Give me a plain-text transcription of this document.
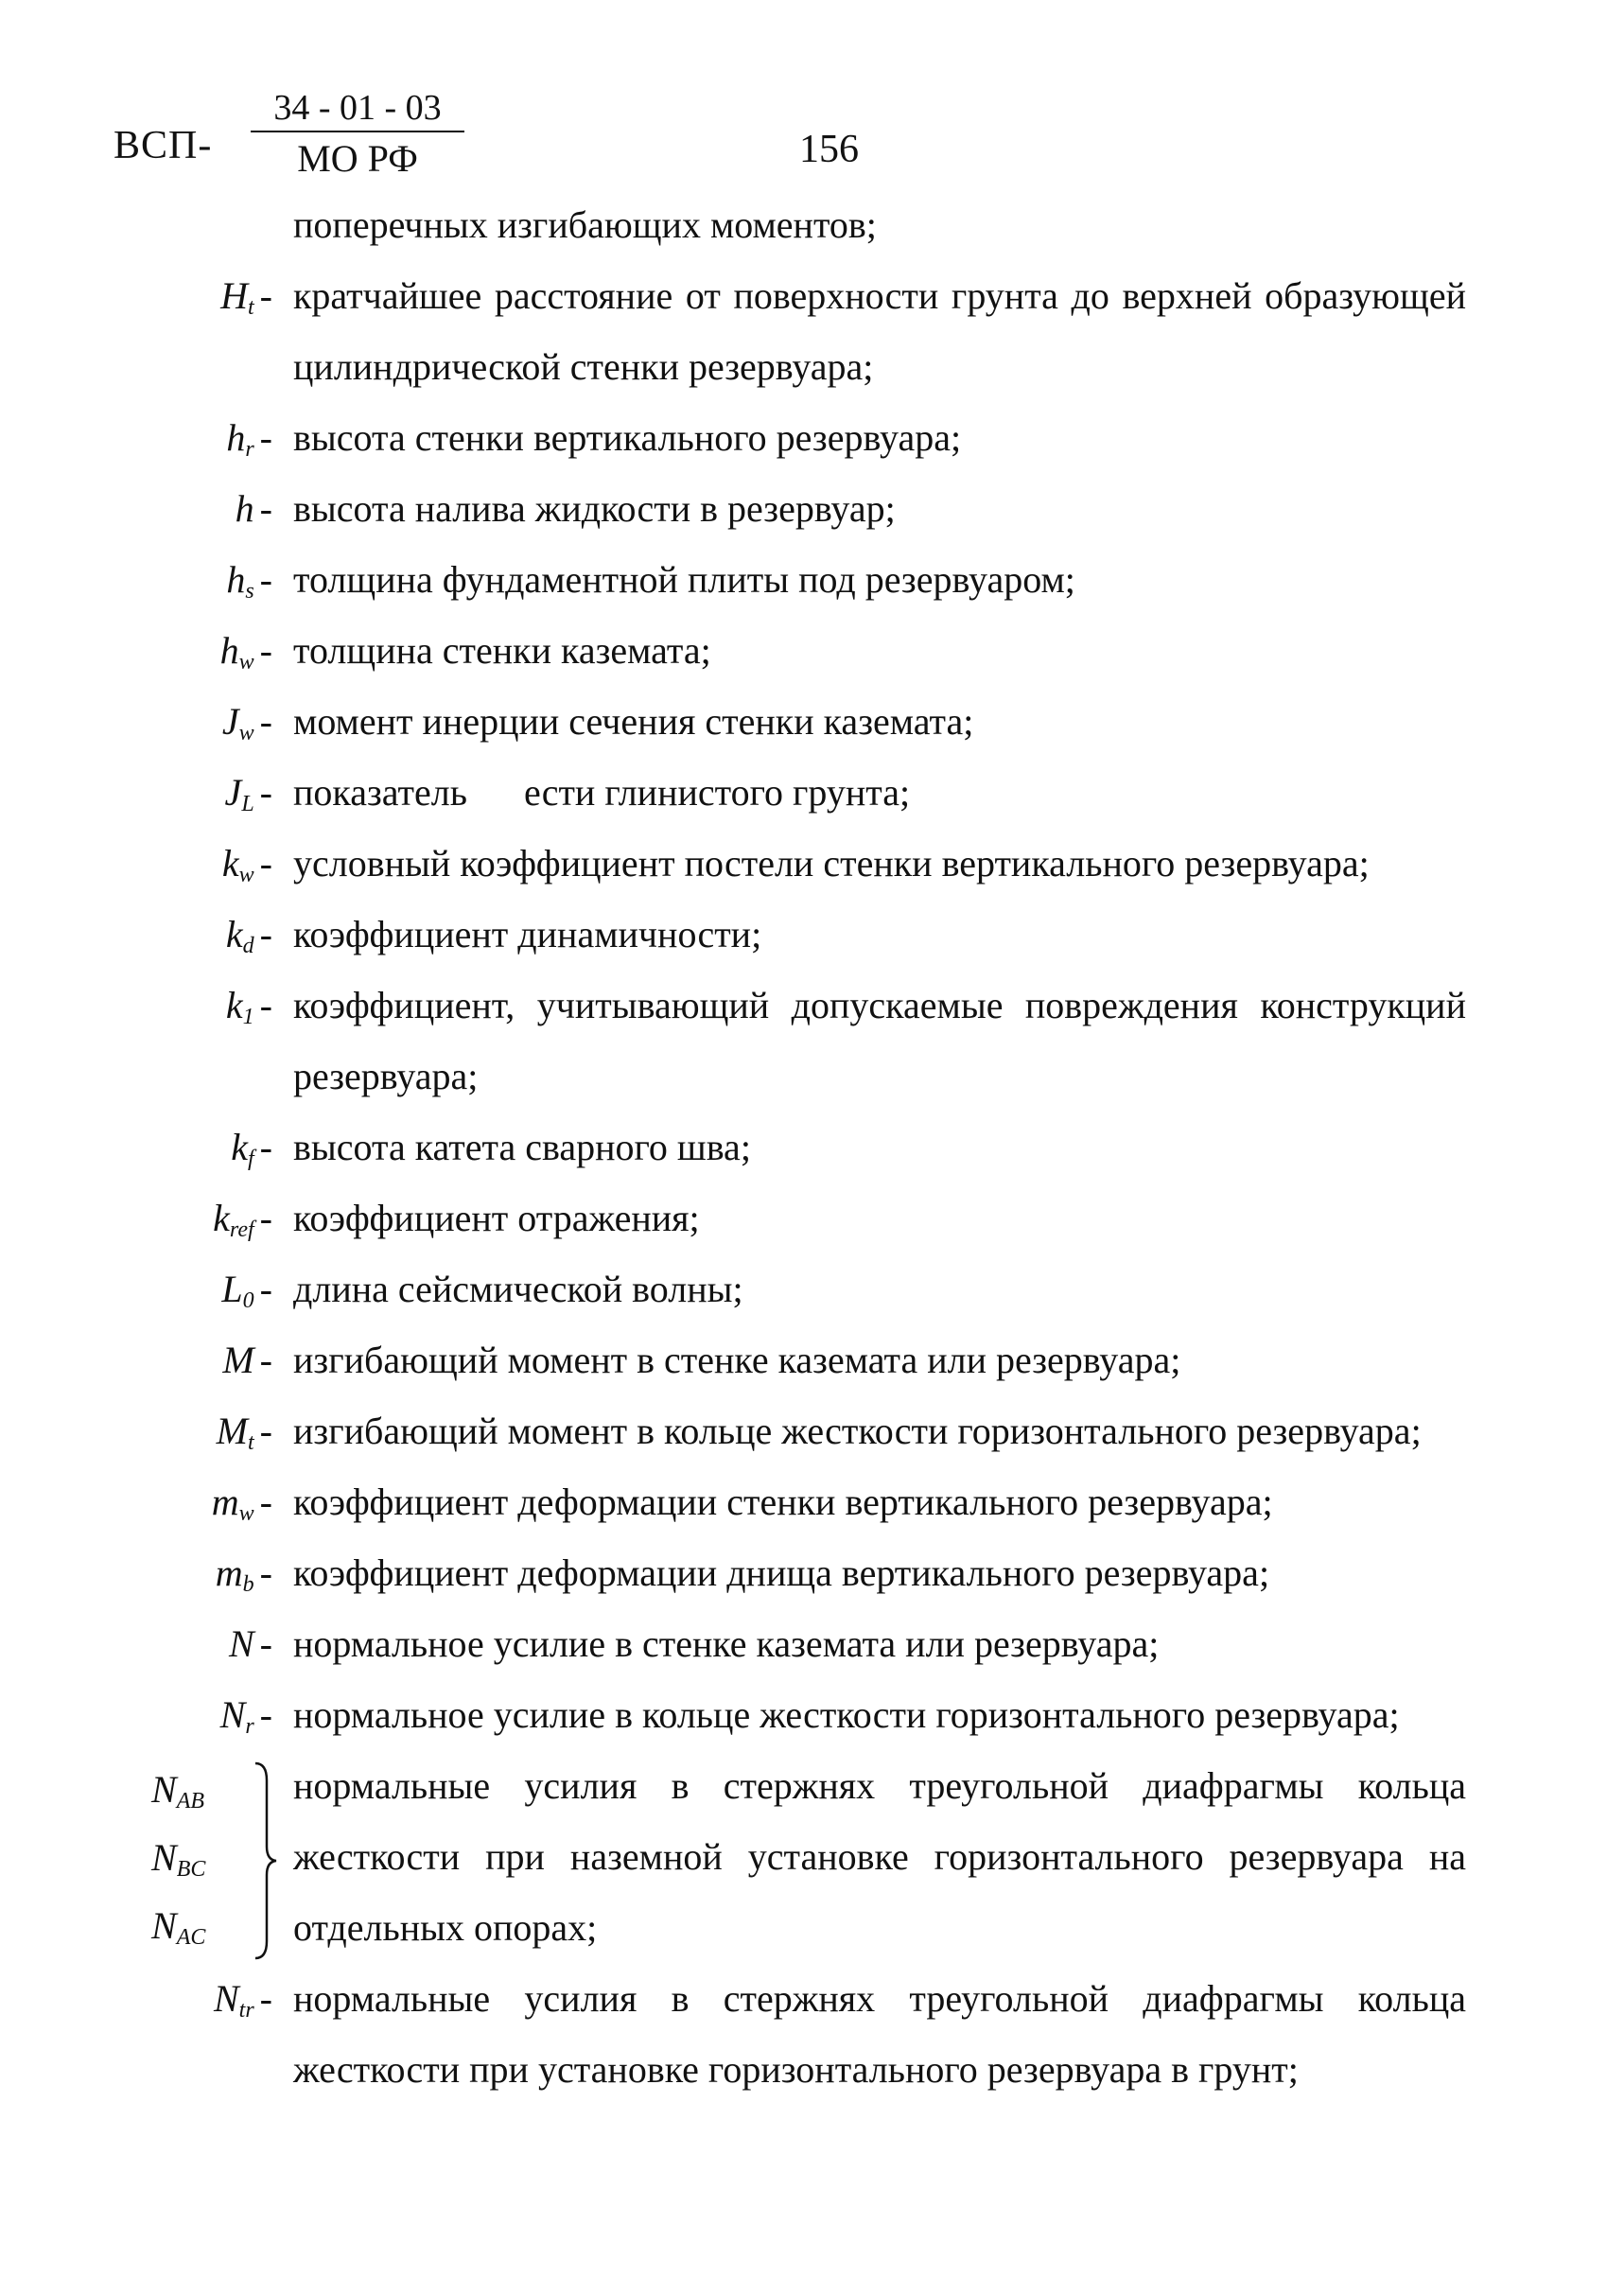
ВСП-
34 - 01 - 03
МО РФ	156
поперечных изгибающих моментов;
$H_t$ - кратчайшее расстояние от поверхности грунта до верхней образующей цилиндрической стенки резервуара;
$h_r$ - высота стенки вертикального резервуара;
h - высота налива жидкости в резервуар;
$h_s$ - толщина фундаментной плиты под резервуаром;
$h_w$ - толщина стенки каземата;
$J_w$ - момент инерции сечения стенки каземата;
$J_L$ - показатель      ести глинистого грунта;
$k_w$ - условный коэффициент постели стенки вертикального резервуара;
$k_d$ - коэффициент динамичности;
$k_1$ - коэффициент, учитывающий допускаемые повреждения конструкций резервуара;
$k_f$ - высота катета сварного шва;
$k_{ref}$ - коэффициент отражения;
$L_0$ - длина сейсмической волны;
M - изгибающий момент в стенке каземата или резервуара;
$M_t$ - изгибающий момент в кольце жесткости горизонтального резервуара;
$m_w$ - коэффициент деформации стенки вертикального резервуара;
$m_b$ - коэффициент деформации днища вертикального резервуара;
N - нормальное усилие в стенке каземата или резервуара;
$N_r$ - нормальное усилие в кольце жесткости горизонтального резервуара;
$N_{AB}$
$N_{BC}$
$N_{AC}$
нормальные усилия в стержнях треугольной диафрагмы кольца жесткости при наземной установке горизонтального резервуара на отдельных опорах;
$N_{tr}$ - нормальные усилия в стержнях треугольной диафрагмы кольца жесткости при установке горизонтального резервуара в грунт;
